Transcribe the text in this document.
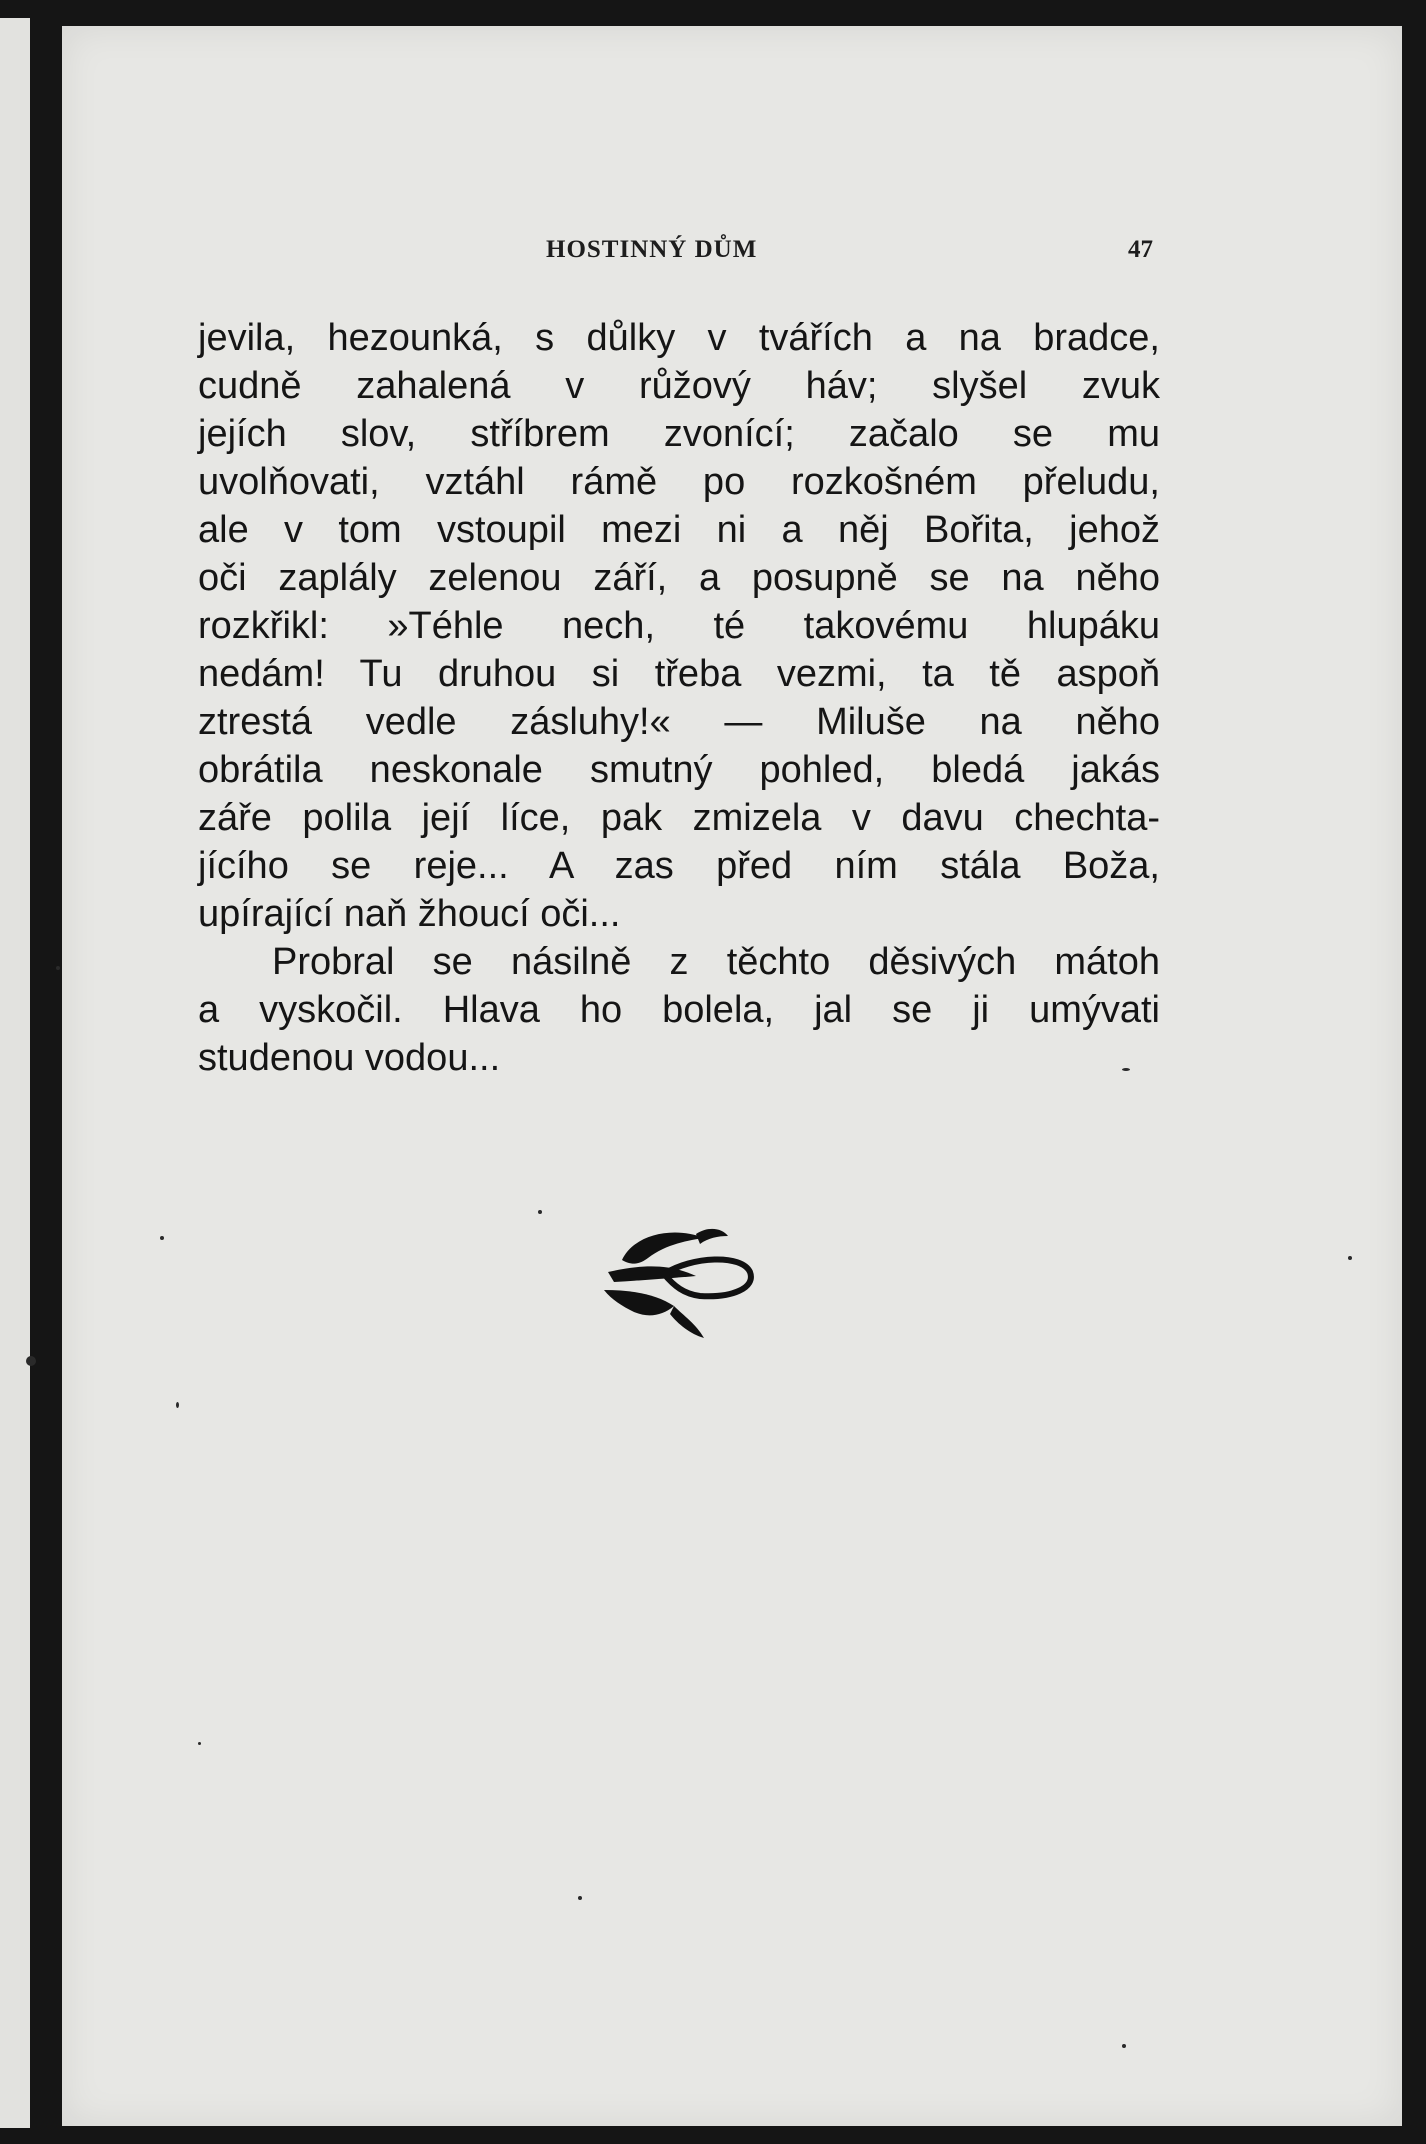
HOSTINNÝ DŮM	47
jevila, hezounká, s důlky v tvářích a na bradce,
cudně zahalená v růžový háv; slyšel zvuk
jejích slov, stříbrem zvonící; začalo se mu
uvolňovati, vztáhl rámě po rozkošném přeludu,
ale v tom vstoupil mezi ni a něj Bořita, jehož
oči zaplály zelenou září, a posupně se na něho
rozkřikl: »Téhle nech, té takovému hlupáku
nedám! Tu druhou si třeba vezmi, ta tě aspoň
ztrestá vedle zásluhy!« — Miluše na něho
obrátila neskonale smutný pohled, bledá jakás
záře polila její líce, pak zmizela v davu chechta-
jícího se reje... A zas před ním stála Boža,
upírající naň žhoucí oči...
Probral se násilně z těchto děsivých mátoh
a vyskočil. Hlava ho bolela, jal se ji umývati
studenou vodou...
